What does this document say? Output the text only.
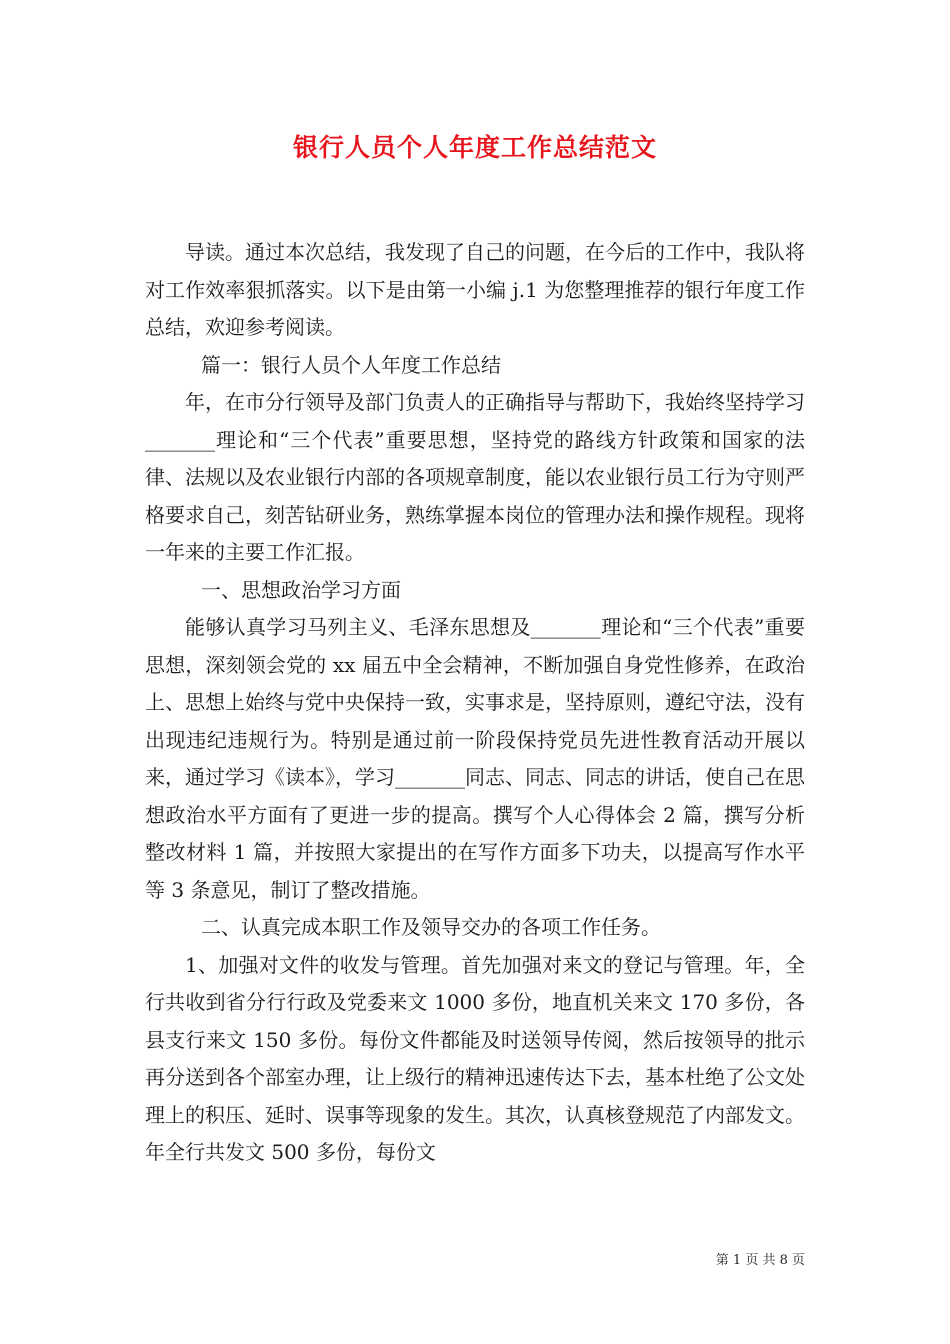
银行人员个人年度工作总结范文

导读。通过本次总结，我发现了自己的问题，在今后的工作中，我队将对工作效率狠抓落实。以下是由第一小编 j.1 为您整理推荐的银行年度工作总结，欢迎参考阅读。

篇一：银行人员个人年度工作总结

年，在市分行领导及部门负责人的正确指导与帮助下，我始终坚持学习_______理论和“三个代表”重要思想，坚持党的路线方针政策和国家的法律、法规以及农业银行内部的各项规章制度，能以农业银行员工行为守则严格要求自己，刻苦钻研业务，熟练掌握本岗位的管理办法和操作规程。现将一年来的主要工作汇报。

一、思想政治学习方面

能够认真学习马列主义、毛泽东思想及_______理论和“三个代表”重要思想，深刻领会党的 xx 届五中全会精神，不断加强自身党性修养，在政治上、思想上始终与党中央保持一致，实事求是，坚持原则，遵纪守法，没有出现违纪违规行为。特别是通过前一阶段保持党员先进性教育活动开展以来，通过学习《读本》，学习_______同志、同志、同志的讲话，使自己在思想政治水平方面有了更进一步的提高。撰写个人心得体会 2 篇，撰写分析整改材料 1 篇，并按照大家提出的在写作方面多下功夫，以提高写作水平等 3 条意见，制订了整改措施。

二、认真完成本职工作及领导交办的各项工作任务。

1、加强对文件的收发与管理。首先加强对来文的登记与管理。年，全行共收到省分行行政及党委来文 1000 多份，地直机关来文 170 多份，各县支行来文 150 多份。每份文件都能及时送领导传阅，然后按领导的批示再分送到各个部室办理，让上级行的精神迅速传达下去，基本杜绝了公文处理上的积压、延时、误事等现象的发生。其次，认真核登规范了内部发文。年全行共发文 500 多份，每份文

第 1 页 共 8 页
